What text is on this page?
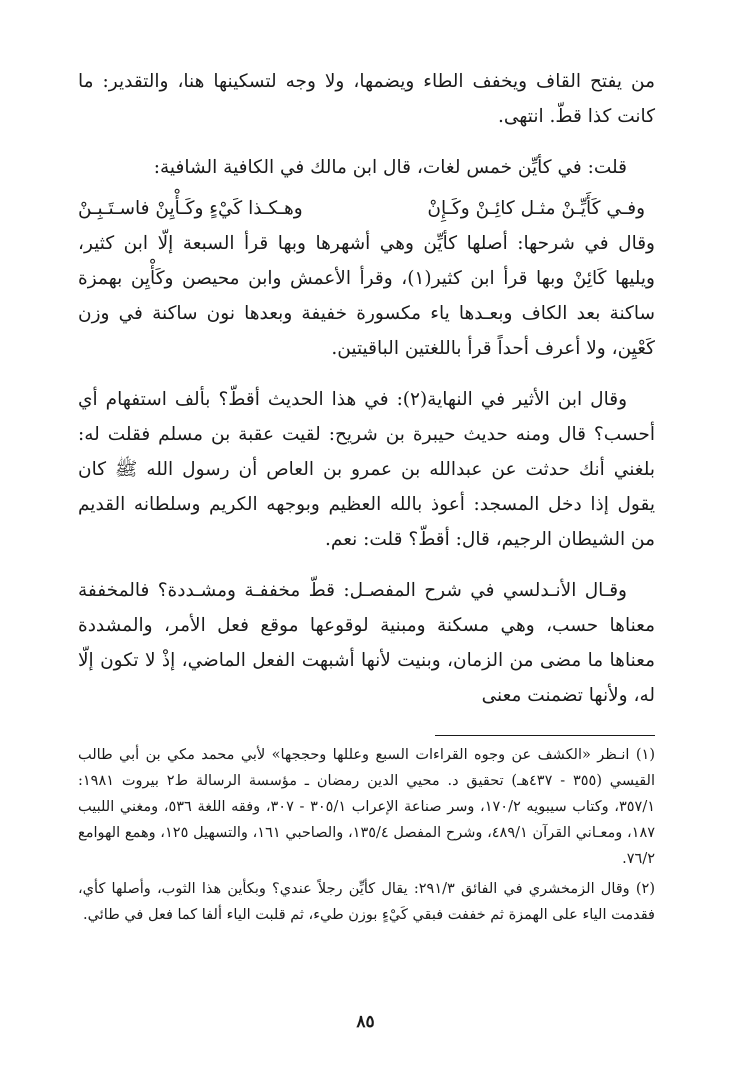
من يفتح القاف ويخفف الطاء ويضمها، ولا وجه لتسكينها هنا، والتقدير: ما كانت كذا قطّ. انتهى.

قلت: في كأيِّن خمس لغات، قال ابن مالك في الكافية الشافية:

وفـي كَأَيِّـنْ مثـل كائِـنْ وكَـإِنْ
وهـكـذا كَيْءٍ وكَـأْيِنْ فاسـتَـبِـنْ

وقال في شرحها: أصلها كأيِّن وهي أشهرها وبها قرأ السبعة إلّا ابن كثير، ويليها كَائِنْ وبها قرأ ابن كثير(١)، وقرأ الأعمش وابن محيصن وكَأْيِن بهمزة ساكنة بعد الكاف وبعـدها ياء مكسورة خفيفة وبعدها نون ساكنة في وزن كَعْيِن، ولا أعرف أحداً قرأ باللغتين الباقيتين.

وقال ابن الأثير في النهاية(٢): في هذا الحديث أقطّ؟ بألف استفهام أي أحسب؟ قال ومنه حديث حيبرة بن شريح: لقيت عقبة بن مسلم فقلت له: بلغني أنك حدثت عن عبدالله بن عمرو بن العاص أن رسول الله ﷺ كان يقول إذا دخل المسجد: أعوذ بالله العظيم وبوجهه الكريم وسلطانه القديم من الشيطان الرجيم، قال: أقطّ؟ قلت: نعم.

وقـال الأنـدلسي في شرح المفصـل: قطّ مخففـة ومشـددة؟ فالمخففة معناها حسب، وهي مسكنة ومبنية لوقوعها موقع فعل الأمر، والمشددة معناها ما مضى من الزمان، وبنيت لأنها أشبهت الفعل الماضي، إذْ لا تكون إلّا له، ولأنها تضمنت معنى

(١) انـظر «الكشف عن وجوه القراءات السبع وعللها وحججها» لأبي محمد مكي بن أبي طالب القيسي (٣٥٥ - ٤٣٧هـ) تحقيق د. محيي الدين رمضان ـ مؤسسة الرسالة ط٢ بيروت ١٩٨١: ٣٥٧/١، وكتاب سيبويه ١٧٠/٢، وسر صناعة الإعراب ٣٠٥/١ - ٣٠٧، وفقه اللغة ٥٣٦، ومغني اللبيب ١٨٧، ومعـاني القرآن ٤٨٩/١، وشرح المفصل ١٣٥/٤، والصاحبي ١٦١، والتسهيل ١٢٥، وهمع الهوامع ٧٦/٢.

(٢) وقال الزمخشري في الفائق ٢٩١/٣: يقال كأيِّن رجلاً عندي؟ وبكأين هذا الثوب، وأصلها كأي، فقدمت الياء على الهمزة ثم خففت فبقي كَيْءٍ بوزن طيء، ثم قلبت الياء ألفا كما فعل في طائي.

٨٥
